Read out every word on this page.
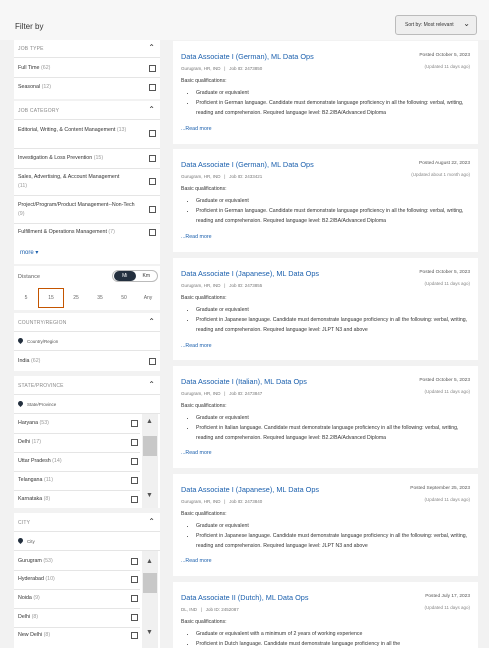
Filter by	Sort by: Most relevant ⌄
JOB TYPE	⌃
Full Time (62)
Seasonal (12)
JOB CATEGORY	⌃
Editorial, Writing, & Content Management (13)
Investigation & Loss Prevention (15)
Sales, Advertising, & Account Management (11)
Project/Program/Product Management--Non-Tech (9)
Fulfillment & Operations Management (7)
more ▾
Distance	Mi	Km
5	15	25	35	50	Any
COUNTRY/REGION	⌃
Country/Region
India (62)
STATE/PROVINCE	⌃
State/Province
Haryana (53)
Delhi (17)
Uttar Pradesh (14)
Telangana (11)
Karnataka (8)
▲
▼
CITY	⌃
City
Gurugram (53)
Hyderabad (10)
Noida (9)
Delhi (8)
New Delhi (8)
▲
▼
Data Associate I (German), ML Data Ops	Posted October 5, 2023
(Updated 11 days ago)
Gurugram, HR, IND   |   Job ID: 2473850
Basic qualifications:
• Graduate or equivalent
• Proficient in German language. Candidate must demonstrate language proficiency in all the following: verbal, writing, reading and comprehension. Required language level: B2.2/BA/Advanced Diploma
...Read more
Data Associate I (German), ML Data Ops	Posted August 22, 2023
(Updated about 1 month ago)
Gurugram, HR, IND   |   Job ID: 2433421
Basic qualifications:
• Graduate or equivalent
• Proficient in German language. Candidate must demonstrate language proficiency in all the following: verbal, writing, reading and comprehension. Required language level: B2.2/BA/Advanced Diploma
...Read more
Data Associate I (Japanese), ML Data Ops	Posted October 5, 2023
(Updated 11 days ago)
Gurugram, HR, IND   |   Job ID: 2473855
Basic qualifications:
• Graduate or equivalent
• Proficient in Japanese language. Candidate must demonstrate language proficiency in all the following: verbal, writing, reading and comprehension. Required language level: JLPT N3 and above
...Read more
Data Associate I (Italian), ML Data Ops	Posted October 5, 2023
(Updated 11 days ago)
Gurugram, HR, IND   |   Job ID: 2473847
Basic qualifications:
• Graduate or equivalent
• Proficient in Italian language. Candidate must demonstrate language proficiency in all the following: verbal, writing, reading and comprehension. Required language level: B2.2/BA/Advanced Diploma
...Read more
Data Associate I (Japanese), ML Data Ops	Posted September 25, 2023
(Updated 11 days ago)
Gurugram, HR, IND   |   Job ID: 2473840
Basic qualifications:
• Graduate or equivalent
• Proficient in Japanese language. Candidate must demonstrate language proficiency in all the following: verbal, writing, reading and comprehension. Required language level: JLPT N3 and above
...Read more
Data Associate II (Dutch), ML Data Ops	Posted July 17, 2023
(Updated 11 days ago)
DL, IND   |   Job ID: 2452087
Basic qualifications:
• Graduate or equivalent with a minimum of 2 years of working experience
• Proficient in Dutch language. Candidate must demonstrate language proficiency in all the
